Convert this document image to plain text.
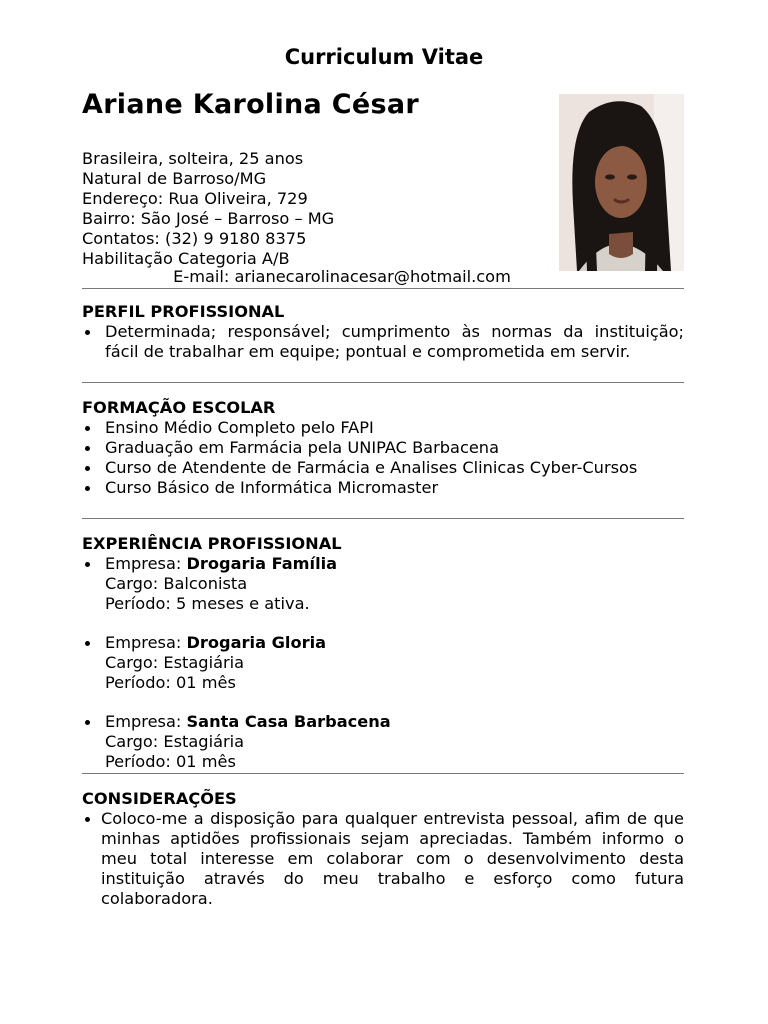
Curriculum Vitae
Ariane Karolina César
Brasileira, solteira, 25 anos
Natural de Barroso/MG
Endereço: Rua Oliveira, 729
Bairro: São José – Barroso – MG
Contatos: (32) 9 9180 8375
Habilitação Categoria A/B
E-mail: arianecarolinacesar@hotmail.com
PERFIL PROFISSIONAL
Determinada; responsável; cumprimento às normas da instituição; fácil de trabalhar em equipe; pontual e comprometida em servir.
FORMAÇÃO ESCOLAR
Ensino Médio Completo pelo FAPI
Graduação em Farmácia pela UNIPAC Barbacena
Curso de Atendente de Farmácia e Analises Clinicas Cyber-Cursos
Curso Básico de Informática Micromaster
EXPERIÊNCIA PROFISSIONAL
Empresa: Drogaria Família
Cargo: Balconista
Período: 5 meses e ativa.
Empresa: Drogaria Gloria
Cargo: Estagiária
Período: 01 mês
Empresa: Santa Casa Barbacena
Cargo: Estagiária
Período: 01 mês
CONSIDERAÇÕES
Coloco-me a disposição para qualquer entrevista pessoal, afim de que minhas aptidões profissionais sejam apreciadas. Também informo o meu total interesse em colaborar com o desenvolvimento desta instituição através do meu trabalho e esforço como futura colaboradora.
